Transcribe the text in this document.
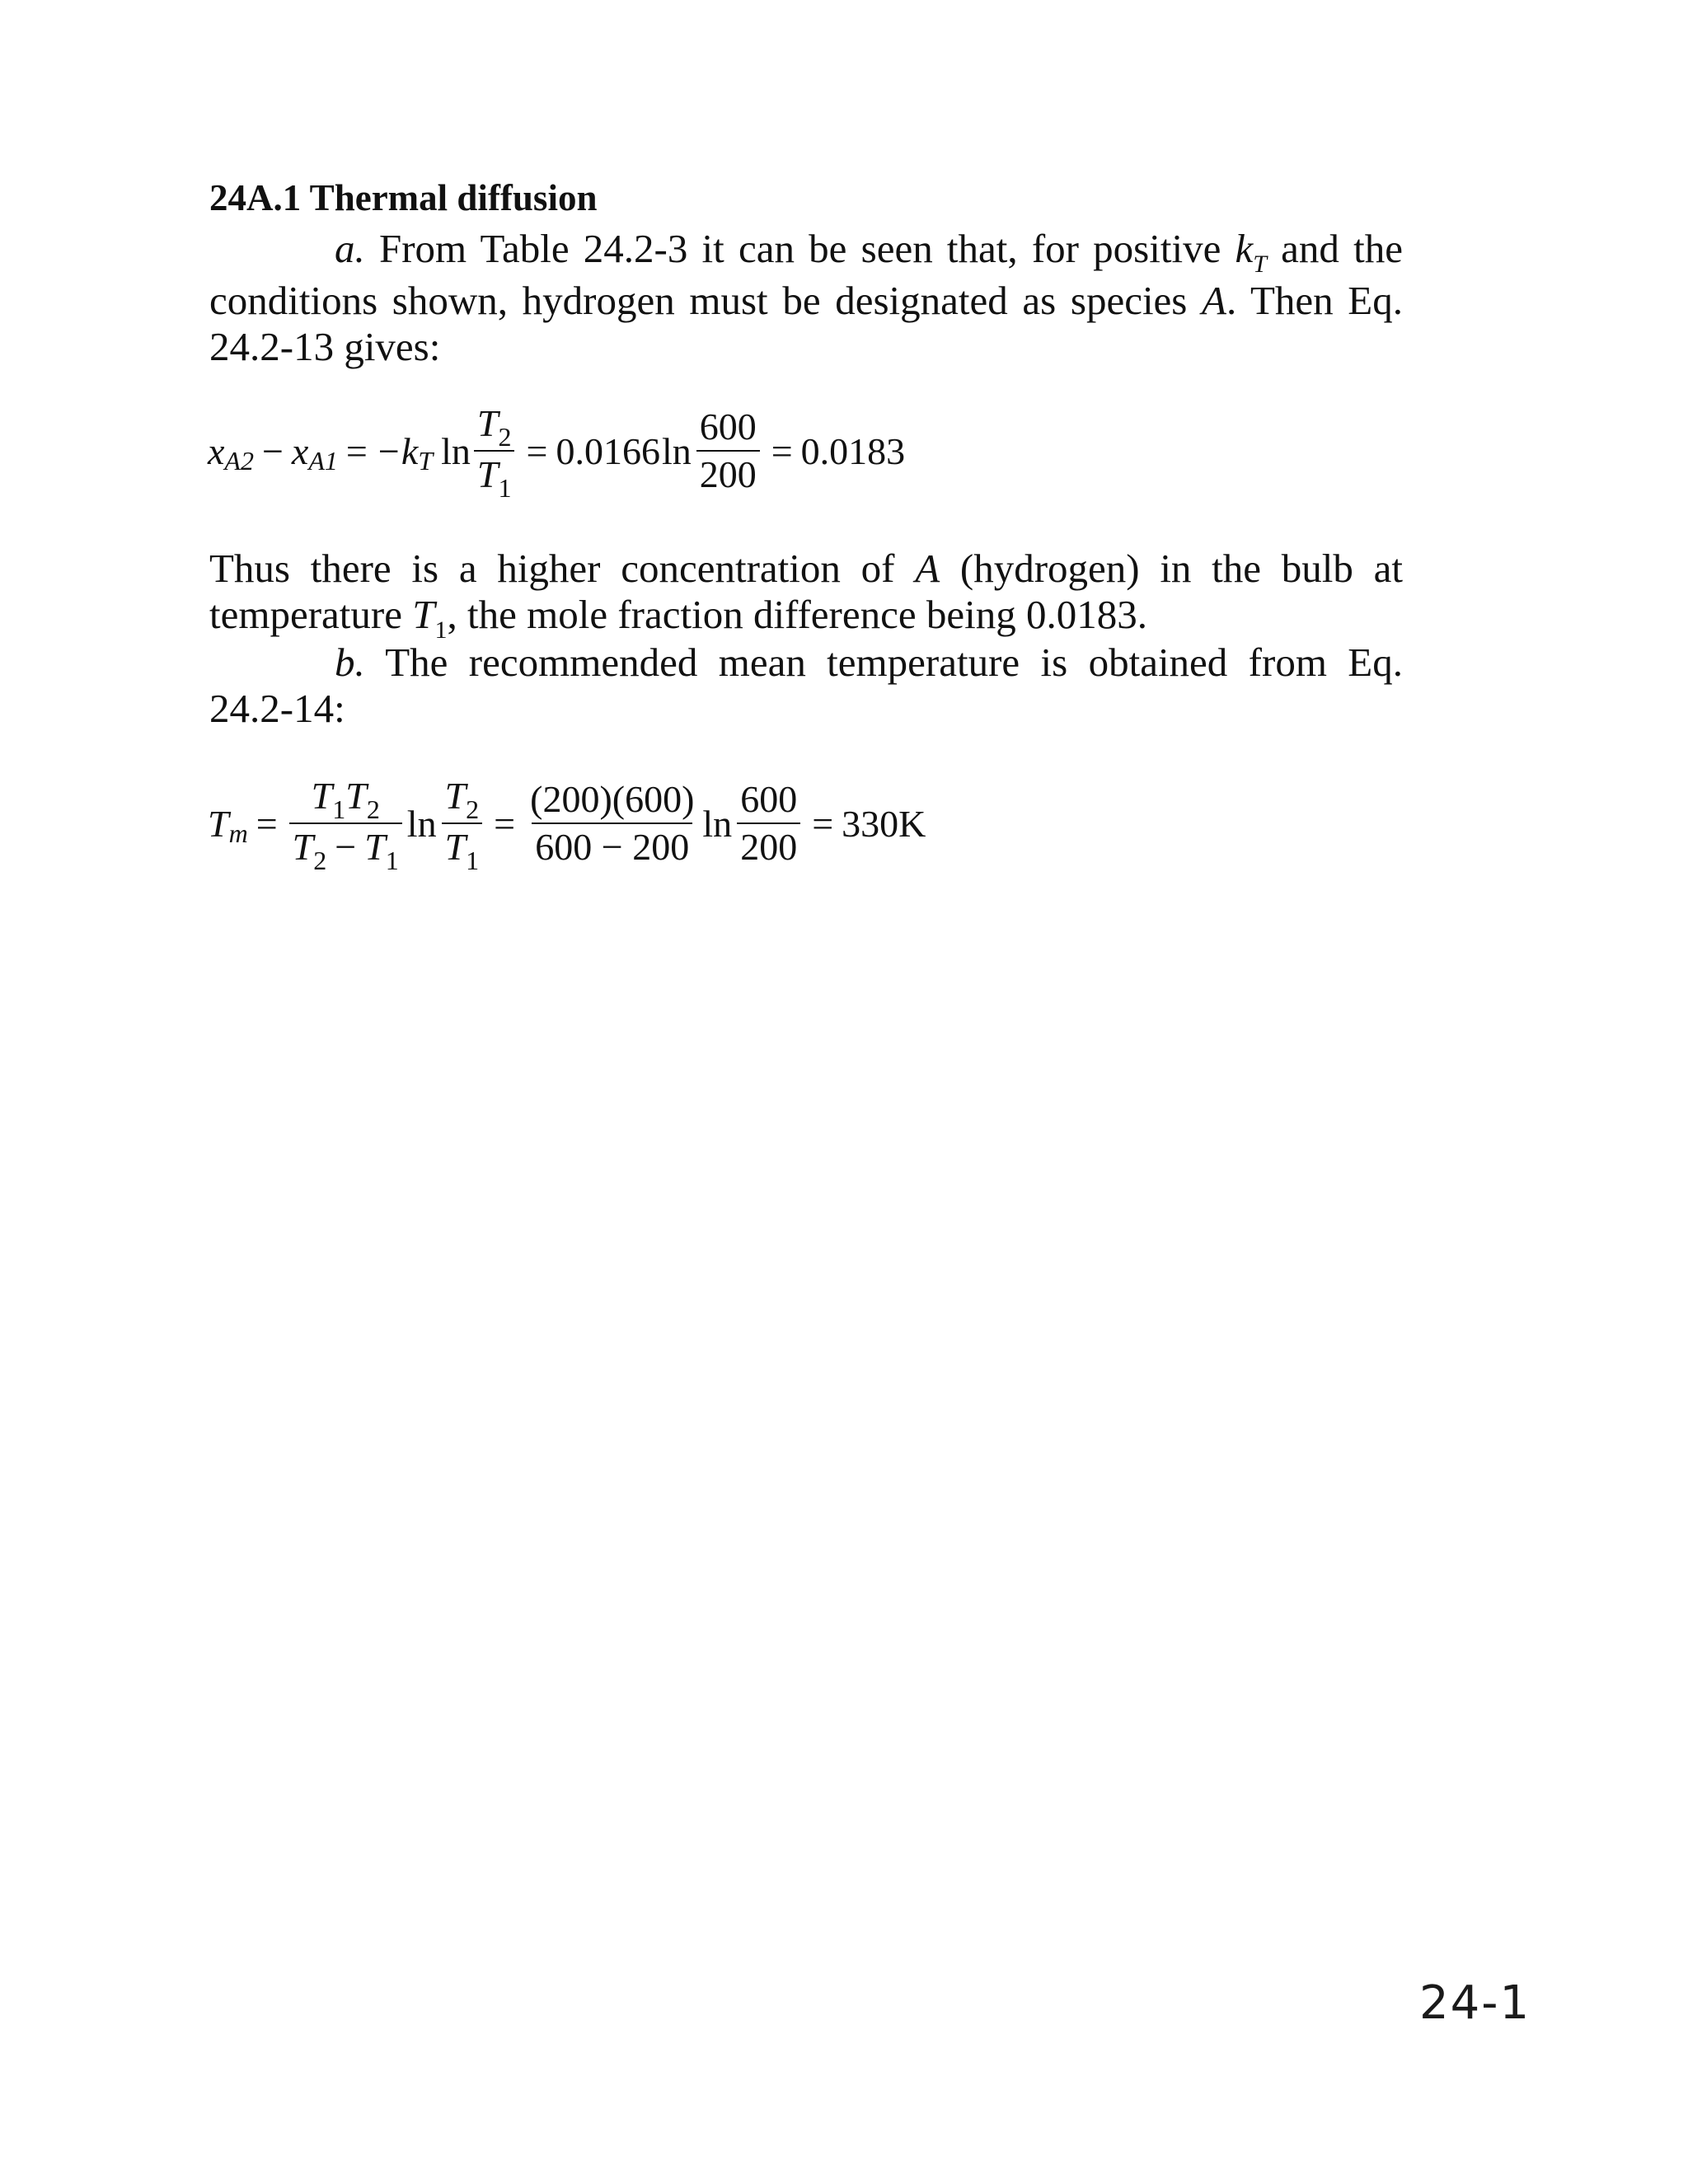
24A.1 Thermal diffusion
a. From Table 24.2-3 it can be seen that, for positive $k_T$ and the conditions shown, hydrogen must be designated as species A. Then Eq. 24.2-13 gives:
x A2 − x A1 = −k T $\ln \frac{T_2}{T_1} = 0.0166$ $\ln \frac{600}{200} = 0.0183$
Thus there is a higher concentration of A (hydrogen) in the bulb at temperature $T_1$, the mole fraction difference being 0.0183.
b. The recommended mean temperature is obtained from Eq. 24.2-14:
T $m = \frac{T_1T_2}{T_2 - T_1}$ $\ln \frac{T_2}{T_1} = \frac{(200)(600)}{600 - 200}$ $\ln \frac{600}{200} = 330K$
24-1
